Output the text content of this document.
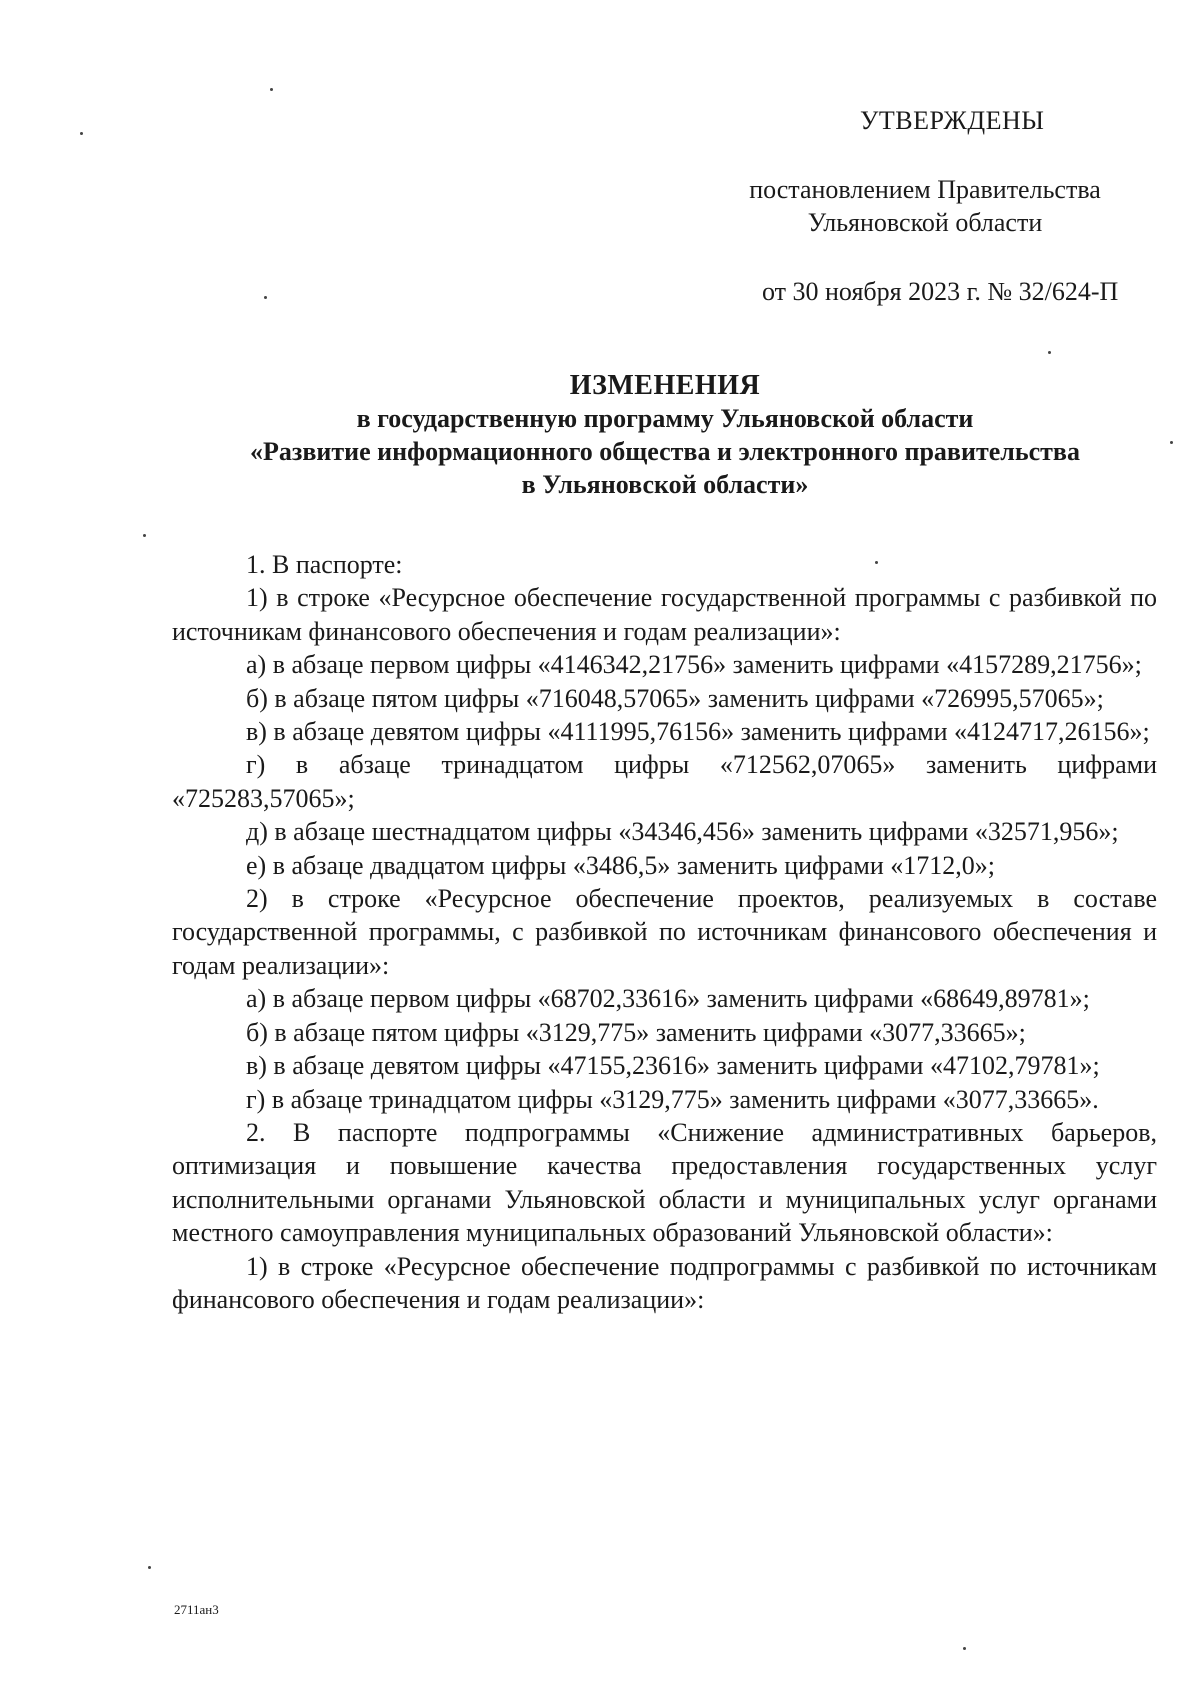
УТВЕРЖДЕНЫ
постановлением Правительства
Ульяновской области
от 30 ноября 2023 г. № 32/624-П
ИЗМЕНЕНИЯ
в государственную программу Ульяновской области
«Развитие информационного общества и электронного правительства
в Ульяновской области»

1. В паспорте:

1) в строке «Ресурсное обеспечение государственной программы с разбивкой по источникам финансового обеспечения и годам реализации»:

а) в абзаце первом цифры «4146342,21756» заменить цифрами «4157289,21756»;

б) в абзаце пятом цифры «716048,57065» заменить цифрами «726995,57065»;

в) в абзаце девятом цифры «4111995,76156» заменить цифрами «4124717,26156»;

г) в абзаце тринадцатом цифры «712562,07065» заменить цифрами «725283,57065»;

д) в абзаце шестнадцатом цифры «34346,456» заменить цифрами «32571,956»;

е) в абзаце двадцатом цифры «3486,5» заменить цифрами «1712,0»;

2) в строке «Ресурсное обеспечение проектов, реализуемых в составе государственной программы, с разбивкой по источникам финансового обеспечения и годам реализации»:

а) в абзаце первом цифры «68702,33616» заменить цифрами «68649,89781»;

б) в абзаце пятом цифры «3129,775» заменить цифрами «3077,33665»;

в) в абзаце девятом цифры «47155,23616» заменить цифрами «47102,79781»;

г) в абзаце тринадцатом цифры «3129,775» заменить цифрами «3077,33665».

2. В паспорте подпрограммы «Снижение административных барьеров, оптимизация и повышение качества предоставления государственных услуг исполнительными органами Ульяновской области и муниципальных услуг органами местного самоуправления муниципальных образований Ульяновской области»:

1) в строке «Ресурсное обеспечение подпрограммы с разбивкой по источникам финансового обеспечения и годам реализации»:

2711ан3
